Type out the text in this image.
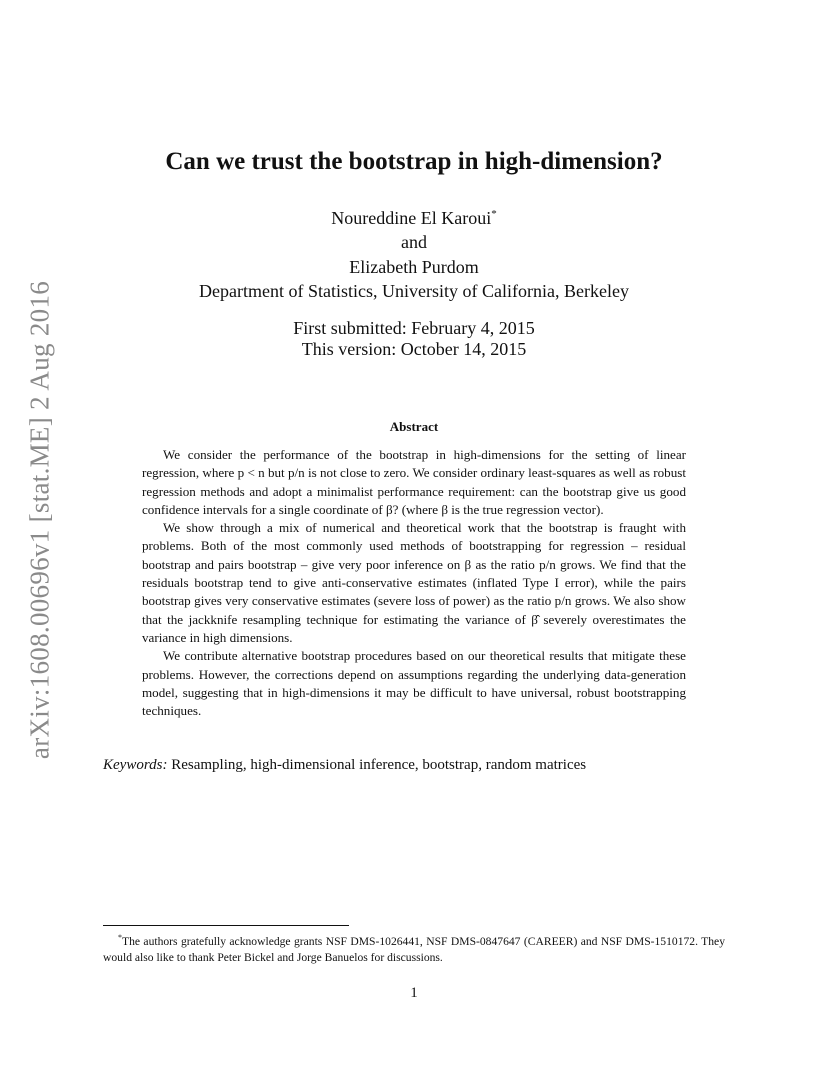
arXiv:1608.00696v1 [stat.ME] 2 Aug 2016
Can we trust the bootstrap in high-dimension?
Noureddine El Karoui*
and
Elizabeth Purdom
Department of Statistics, University of California, Berkeley
First submitted: February 4, 2015
This version: October 14, 2015
Abstract

We consider the performance of the bootstrap in high-dimensions for the setting of linear regression, where p < n but p/n is not close to zero. We consider ordinary least-squares as well as robust regression methods and adopt a minimalist performance requirement: can the bootstrap give us good confidence intervals for a single coordinate of β? (where β is the true regression vector).

We show through a mix of numerical and theoretical work that the bootstrap is fraught with problems. Both of the most commonly used methods of bootstrapping for regression – residual bootstrap and pairs bootstrap – give very poor inference on β as the ratio p/n grows. We find that the residuals bootstrap tend to give anti-conservative estimates (inflated Type I error), while the pairs bootstrap gives very conservative estimates (severe loss of power) as the ratio p/n grows. We also show that the jackknife resampling technique for estimating the variance of β̂ severely overestimates the variance in high dimensions.

We contribute alternative bootstrap procedures based on our theoretical results that mitigate these problems. However, the corrections depend on assumptions regarding the underlying data-generation model, suggesting that in high-dimensions it may be difficult to have universal, robust bootstrapping techniques.

Keywords: Resampling, high-dimensional inference, bootstrap, random matrices

*The authors gratefully acknowledge grants NSF DMS-1026441, NSF DMS-0847647 (CAREER) and NSF DMS-1510172. They would also like to thank Peter Bickel and Jorge Banuelos for discussions.

1
